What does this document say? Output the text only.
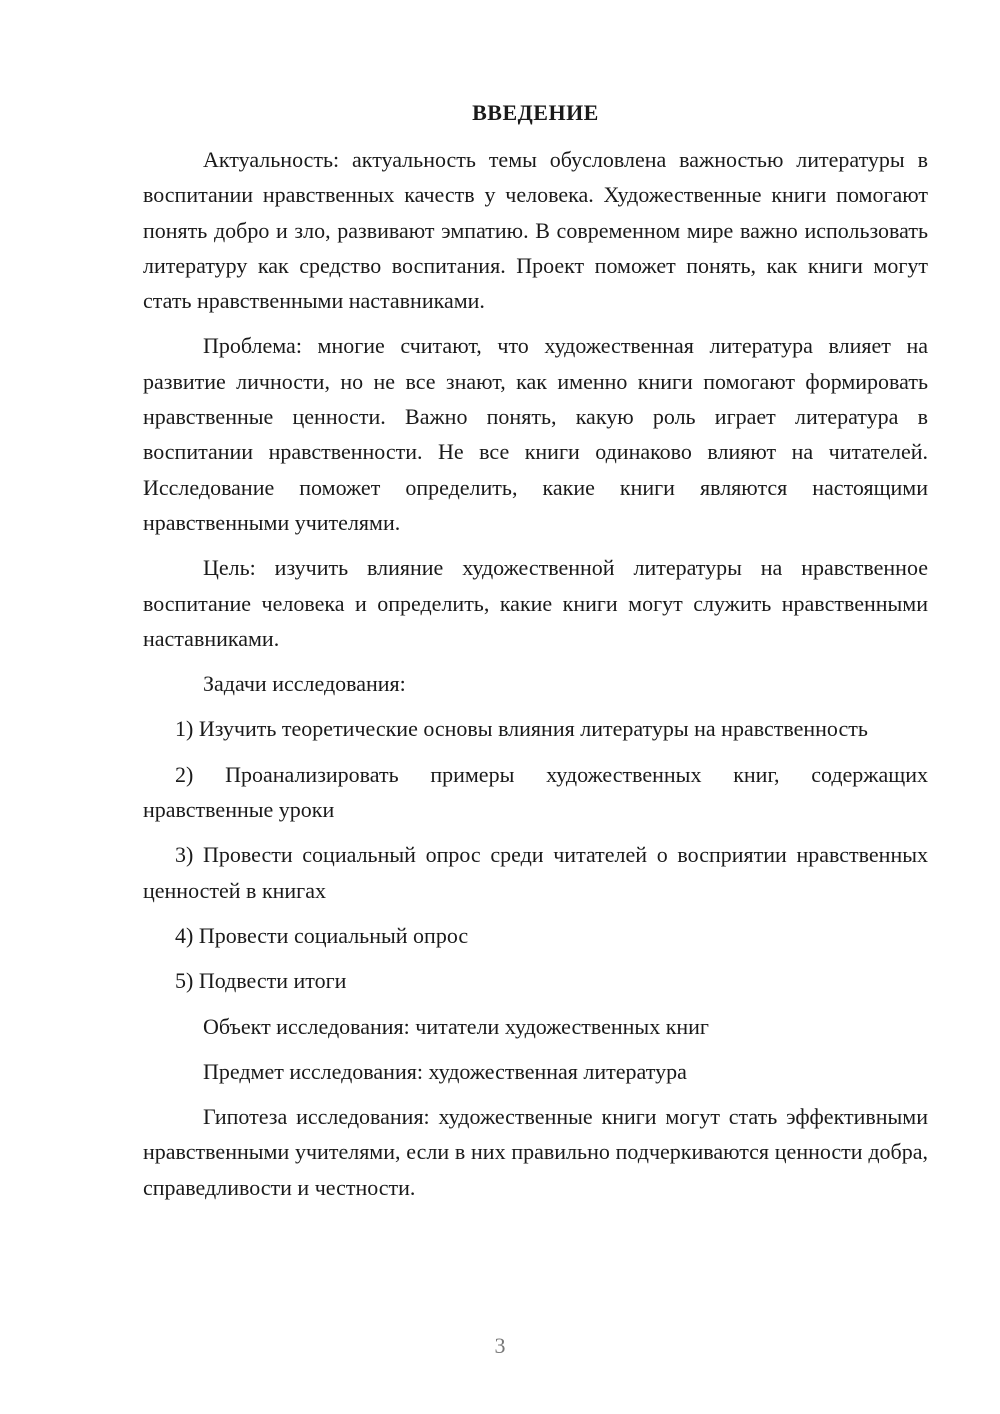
ВВЕДЕНИЕ

Актуальность: актуальность темы обусловлена важностью литературы в воспитании нравственных качеств у человека. Художественные книги помогают понять добро и зло, развивают эмпатию. В современном мире важно использовать литературу как средство воспитания. Проект поможет понять, как книги могут стать нравственными наставниками.

Проблема: многие считают, что художественная литература влияет на развитие личности, но не все знают, как именно книги помогают формировать нравственные ценности. Важно понять, какую роль играет литература в воспитании нравственности. Не все книги одинаково влияют на читателей. Исследование поможет определить, какие книги являются настоящими нравственными учителями.

Цель: изучить влияние художественной литературы на нравственное воспитание человека и определить, какие книги могут служить нравственными наставниками.

Задачи исследования:

1) Изучить теоретические основы влияния литературы на нравственность

2) Проанализировать примеры художественных книг, содержащих нравственные уроки

3) Провести социальный опрос среди читателей о восприятии нравственных ценностей в книгах

4) Провести социальный опрос

5) Подвести итоги

Объект исследования: читатели художественных книг

Предмет исследования: художественная литература

Гипотеза исследования: художественные книги могут стать эффективными нравственными учителями, если в них правильно подчеркиваются ценности добра, справедливости и честности.

3
